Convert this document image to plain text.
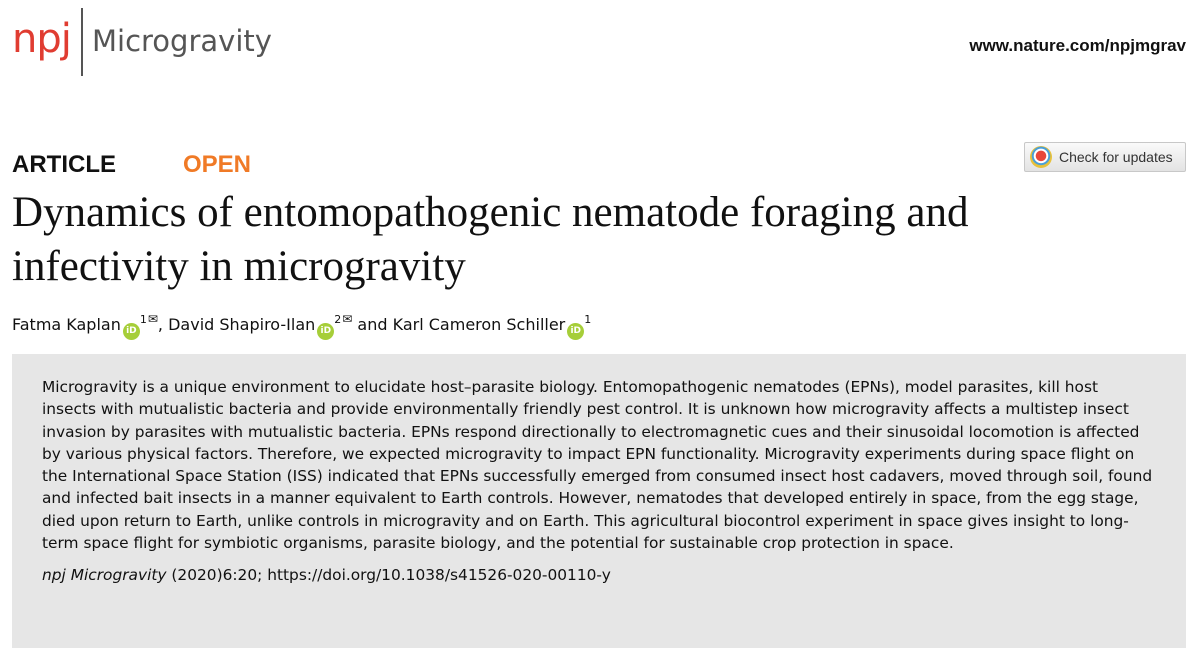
npj Microgravity	www.nature.com/npjmgrav
ARTICLE	OPEN	Check for updates
Dynamics of entomopathogenic nematode foraging and infectivity in microgravity
Fatma Kaplan $iD^{1✉}$, David Shapiro-Ilan $iD^{2✉}$ and Karl Cameron Schiller $iD^1$

Microgravity is a unique environment to elucidate host–parasite biology. Entomopathogenic nematodes (EPNs), model parasites, kill host insects with mutualistic bacteria and provide environmentally friendly pest control. It is unknown how microgravity affects a multistep insect invasion by parasites with mutualistic bacteria. EPNs respond directionally to electromagnetic cues and their sinusoidal locomotion is affected by various physical factors. Therefore, we expected microgravity to impact EPN functionality. Microgravity experiments during space flight on the International Space Station (ISS) indicated that EPNs successfully emerged from consumed insect host cadavers, moved through soil, found and infected bait insects in a manner equivalent to Earth controls. However, nematodes that developed entirely in space, from the egg stage, died upon return to Earth, unlike controls in microgravity and on Earth. This agricultural biocontrol experiment in space gives insight to long-term space flight for symbiotic organisms, parasite biology, and the potential for sustainable crop protection in space.

npj Microgravity (2020)6:20; https://doi.org/10.1038/s41526-020-00110-y
